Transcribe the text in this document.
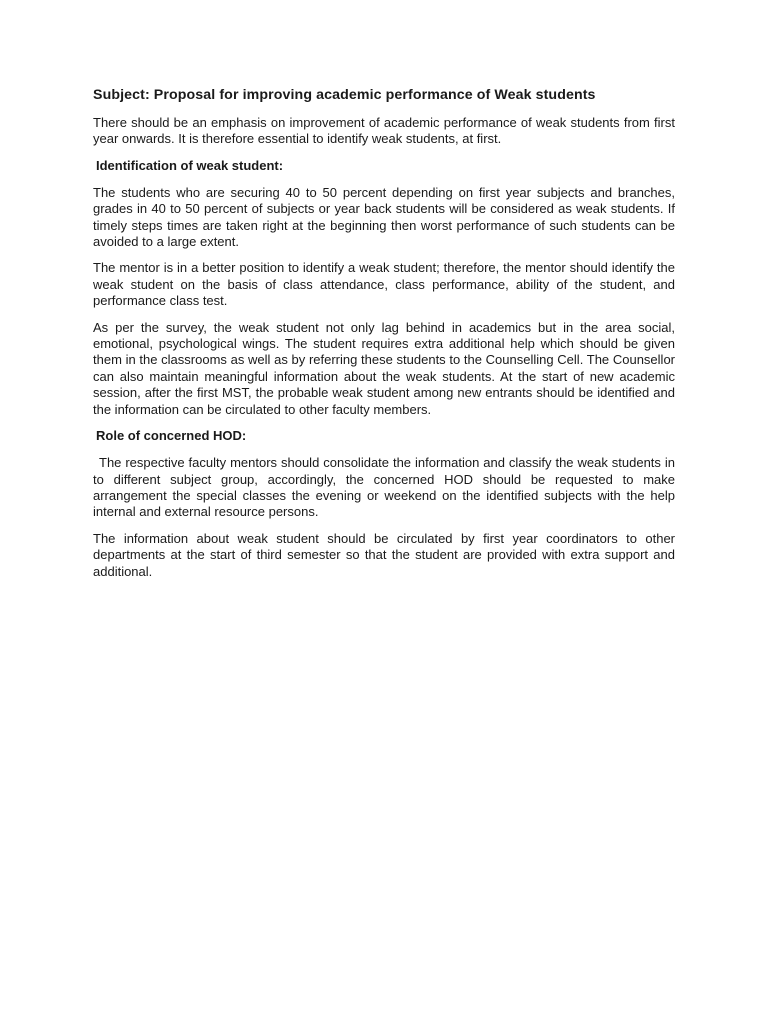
Subject: Proposal for improving academic performance of Weak students

There should be an emphasis on improvement of academic performance of weak students from first year onwards. It is therefore essential to identify weak students, at first.

Identification of weak student:

The students who are securing 40 to 50 percent depending on first year subjects and branches, grades in 40 to 50 percent of subjects or year back students will be considered as weak students. If timely steps times are taken right at the beginning then worst performance of such students can be avoided to a large extent.

The mentor is in a better position to identify a weak student; therefore, the mentor should identify the weak student on the basis of class attendance, class performance, ability of the student, and performance class test.

As per the survey, the weak student not only lag behind in academics but in the area social, emotional, psychological wings. The student requires extra additional help which should be given them in the classrooms as well as by referring these students to the Counselling Cell. The Counsellor can also maintain meaningful information about the weak students. At the start of new academic session, after the first MST, the probable weak student among new entrants should be identified and the information can be circulated to other faculty members.

Role of concerned HOD:

The respective faculty mentors should consolidate the information and classify the weak students in to different subject group, accordingly, the concerned HOD should be requested to make arrangement the special classes the evening or weekend on the identified subjects with the help internal and external resource persons.

The information about weak student should be circulated by first year coordinators to other departments at the start of third semester so that the student are provided with extra support and additional.
